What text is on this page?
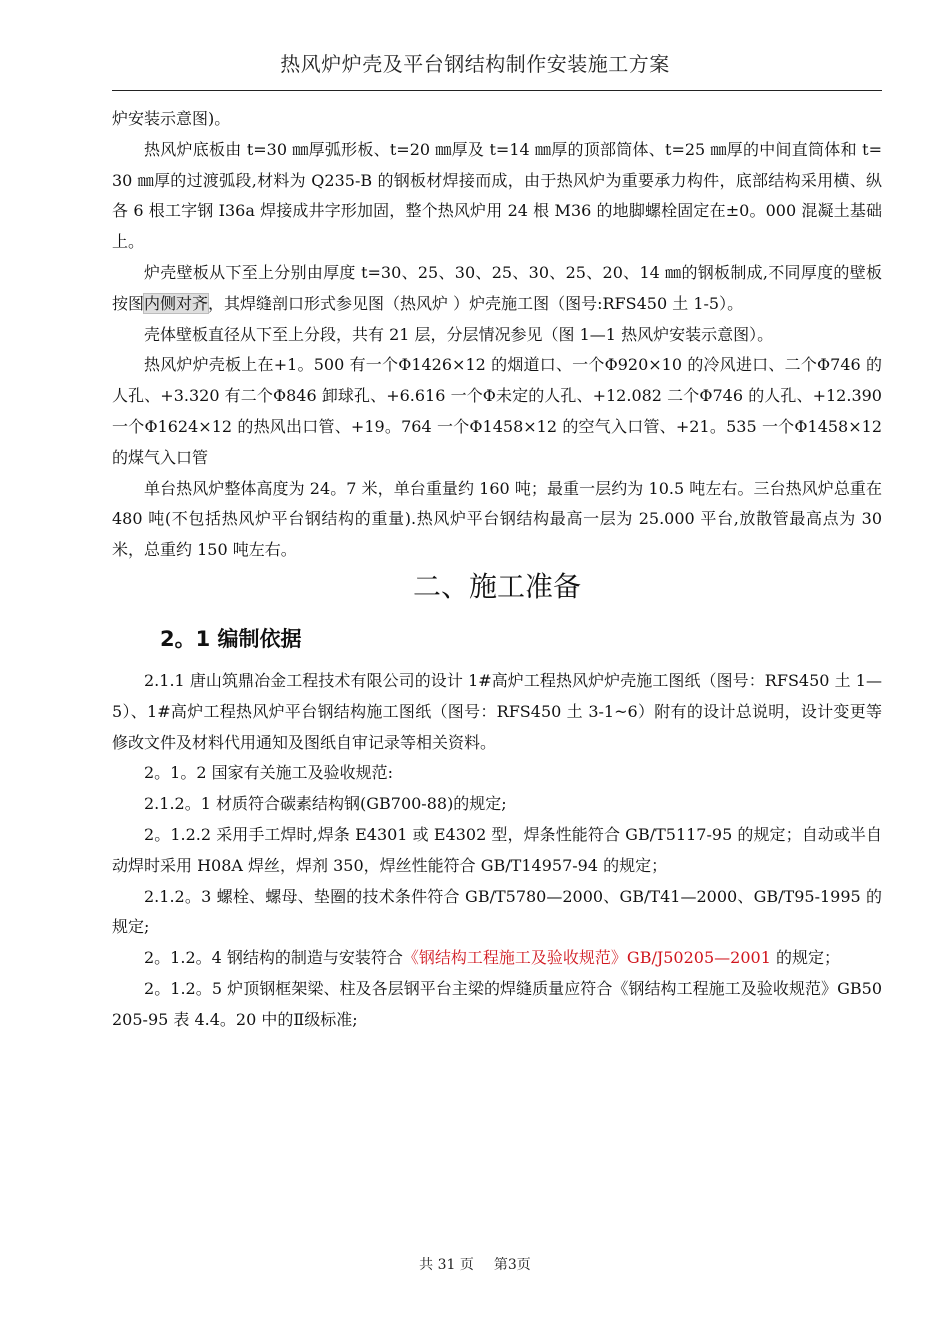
热风炉炉壳及平台钢结构制作安装施工方案

炉安装示意图)。

热风炉底板由 t=30 ㎜厚弧形板、t=20 ㎜厚及 t=14 ㎜厚的顶部筒体、t=25 ㎜厚的中间直筒体和 t=30 ㎜厚的过渡弧段,材料为 Q235-B 的钢板材焊接而成，由于热风炉为重要承力构件，底部结构采用横、纵各 6 根工字钢 I36a 焊接成井字形加固，整个热风炉用 24 根 M36 的地脚螺栓固定在±0。000 混凝土基础上。

炉壳壁板从下至上分别由厚度 t=30、25、30、25、30、25、20、14 ㎜的钢板制成,不同厚度的壁板按图内侧对齐，其焊缝剖口形式参见图（热风炉 ）炉壳施工图（图号:RFS450 土 1-5）。

壳体壁板直径从下至上分段，共有 21 层，分层情况参见（图 1—1 热风炉安装示意图）。

热风炉炉壳板上在+1。500 有一个Φ1426×12 的烟道口、一个Φ920×10 的冷风进口、二个Φ746 的人孔、+3.320 有二个Φ846 卸球孔、+6.616 一个Φ未定的人孔、+12.082 二个Φ746 的人孔、+12.390 一个Φ1624×12 的热风出口管、+19。764 一个Φ1458×12 的空气入口管、+21。535 一个Φ1458×12 的煤气入口管

单台热风炉整体高度为 24。7 米，单台重量约 160 吨；最重一层约为 10.5 吨左右。三台热风炉总重在 480 吨(不包括热风炉平台钢结构的重量).热风炉平台钢结构最高一层为 25.000 平台,放散管最高点为 30 米，总重约 150 吨左右。

二、施工准备
2。1 编制依据

2.1.1 唐山筑鼎冶金工程技术有限公司的设计 1#高炉工程热风炉炉壳施工图纸（图号：RFS450 土 1—5）、1#高炉工程热风炉平台钢结构施工图纸（图号：RFS450 土 3-1~6）附有的设计总说明，设计变更等修改文件及材料代用通知及图纸自审记录等相关资料。

2。1。2 国家有关施工及验收规范:

2.1.2。1 材质符合碳素结构钢(GB700-88)的规定;

2。1.2.2 采用手工焊时,焊条 E4301 或 E4302 型，焊条性能符合 GB/T5117-95 的规定；自动或半自动焊时采用 H08A 焊丝，焊剂 350，焊丝性能符合 GB/T14957-94 的规定；

2.1.2。3 螺栓、螺母、垫圈的技术条件符合 GB/T5780—2000、GB/T41—2000、GB/T95-1995 的规定;

2。1.2。4 钢结构的制造与安装符合《钢结构工程施工及验收规范》GB/J50205—2001 的规定；

2。1.2。5 炉顶钢框架梁、柱及各层钢平台主梁的焊缝质量应符合《钢结构工程施工及验收规范》GB50205-95 表 4.4。20 中的Ⅱ级标准;

共 31 页 第3页
